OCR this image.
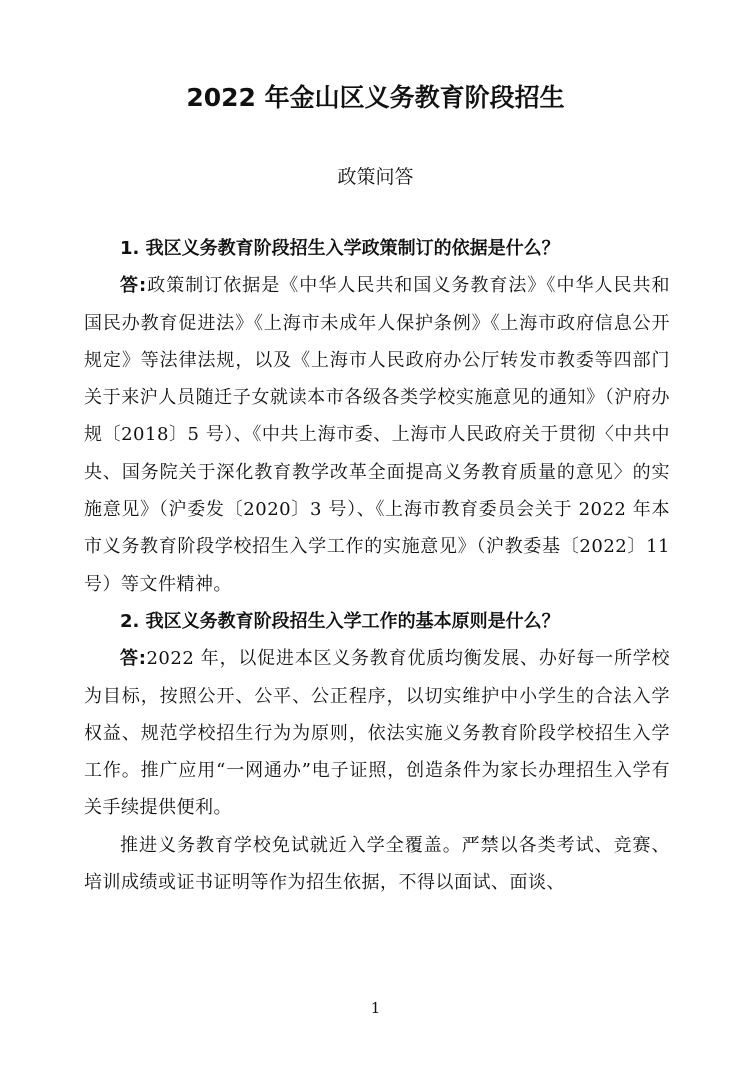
2022 年金山区义务教育阶段招生
政策问答

1. 我区义务教育阶段招生入学政策制订的依据是什么？

答:政策制订依据是《中华人民共和国义务教育法》《中华人民共和国民办教育促进法》《上海市未成年人保护条例》《上海市政府信息公开规定》等法律法规，以及《上海市人民政府办公厅转发市教委等四部门关于来沪人员随迁子女就读本市各级各类学校实施意见的通知》（沪府办规〔2018〕5 号）、《中共上海市委、上海市人民政府关于贯彻〈中共中央、国务院关于深化教育教学改革全面提高义务教育质量的意见〉的实施意见》（沪委发〔2020〕3 号）、《上海市教育委员会关于 2022 年本市义务教育阶段学校招生入学工作的实施意见》（沪教委基〔2022〕11 号）等文件精神。

2. 我区义务教育阶段招生入学工作的基本原则是什么？

答:2022 年，以促进本区义务教育优质均衡发展、办好每一所学校为目标，按照公开、公平、公正程序，以切实维护中小学生的合法入学权益、规范学校招生行为为原则，依法实施义务教育阶段学校招生入学工作。推广应用“一网通办”电子证照，创造条件为家长办理招生入学有关手续提供便利。

推进义务教育学校免试就近入学全覆盖。严禁以各类考试、竞赛、培训成绩或证书证明等作为招生依据，不得以面试、面谈、

1
